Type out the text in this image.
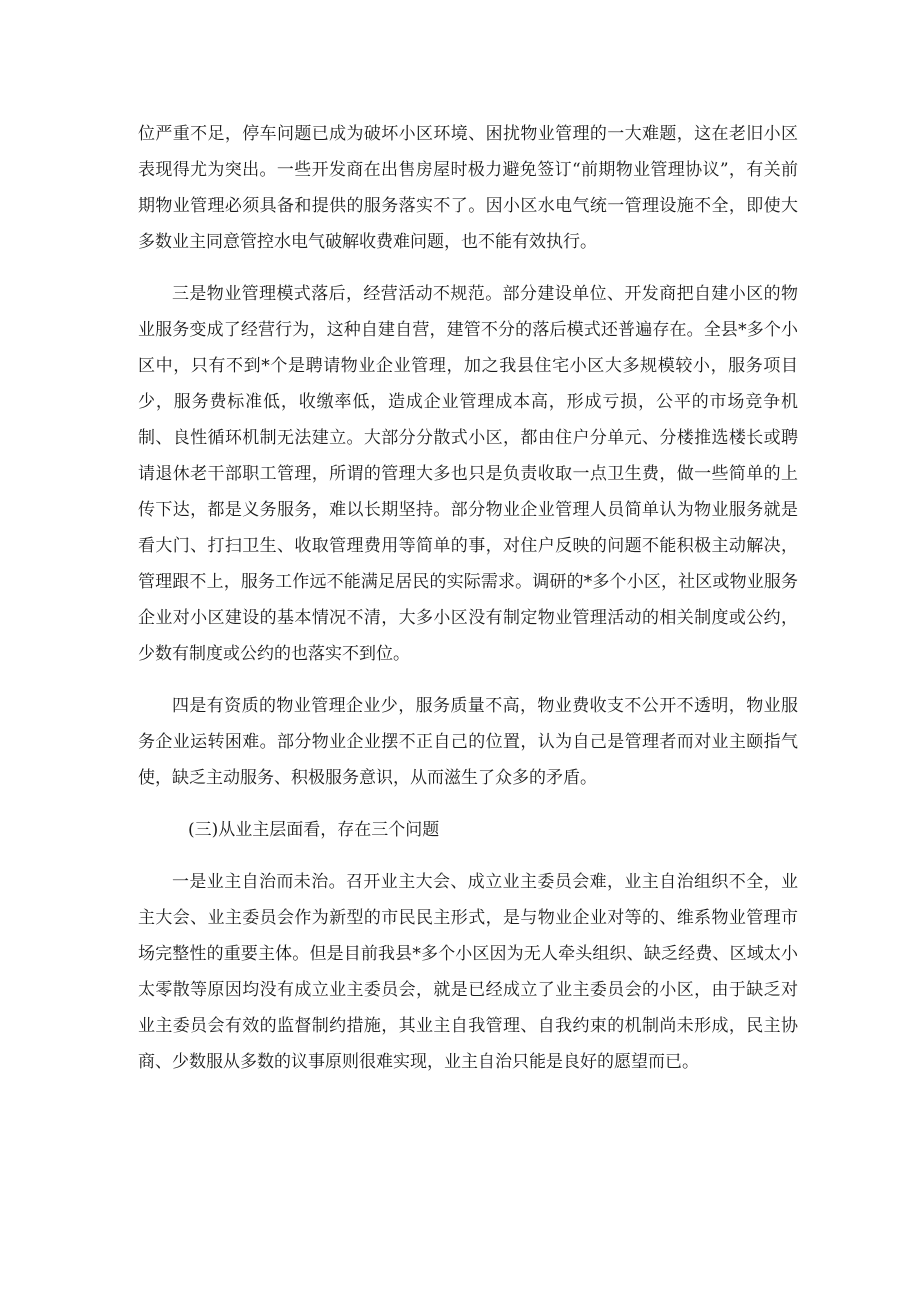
位严重不足，停车问题已成为破坏小区环境、困扰物业管理的一大难题，这在老旧小区表现得尤为突出。一些开发商在出售房屋时极力避免签订“前期物业管理协议”，有关前期物业管理必须具备和提供的服务落实不了。因小区水电气统一管理设施不全，即使大多数业主同意管控水电气破解收费难问题，也不能有效执行。

三是物业管理模式落后，经营活动不规范。部分建设单位、开发商把自建小区的物业服务变成了经营行为，这种自建自营，建管不分的落后模式还普遍存在。全县*多个小区中，只有不到*个是聘请物业企业管理，加之我县住宅小区大多规模较小，服务项目少，服务费标准低，收缴率低，造成企业管理成本高，形成亏损，公平的市场竞争机制、良性循环机制无法建立。大部分分散式小区，都由住户分单元、分楼推选楼长或聘请退休老干部职工管理，所谓的管理大多也只是负责收取一点卫生费，做一些简单的上传下达，都是义务服务，难以长期坚持。部分物业企业管理人员简单认为物业服务就是看大门、打扫卫生、收取管理费用等简单的事，对住户反映的问题不能积极主动解决，管理跟不上，服务工作远不能满足居民的实际需求。调研的*多个小区，社区或物业服务企业对小区建设的基本情况不清，大多小区没有制定物业管理活动的相关制度或公约，少数有制度或公约的也落实不到位。

四是有资质的物业管理企业少，服务质量不高，物业费收支不公开不透明，物业服务企业运转困难。部分物业企业摆不正自己的位置，认为自己是管理者而对业主颐指气使，缺乏主动服务、积极服务意识，从而滋生了众多的矛盾。

(三)从业主层面看，存在三个问题

一是业主自治而未治。召开业主大会、成立业主委员会难，业主自治组织不全，业主大会、业主委员会作为新型的市民民主形式，是与物业企业对等的、维系物业管理市场完整性的重要主体。但是目前我县*多个小区因为无人牵头组织、缺乏经费、区域太小太零散等原因均没有成立业主委员会，就是已经成立了业主委员会的小区，由于缺乏对业主委员会有效的监督制约措施，其业主自我管理、自我约束的机制尚未形成，民主协商、少数服从多数的议事原则很难实现，业主自治只能是良好的愿望而已。
